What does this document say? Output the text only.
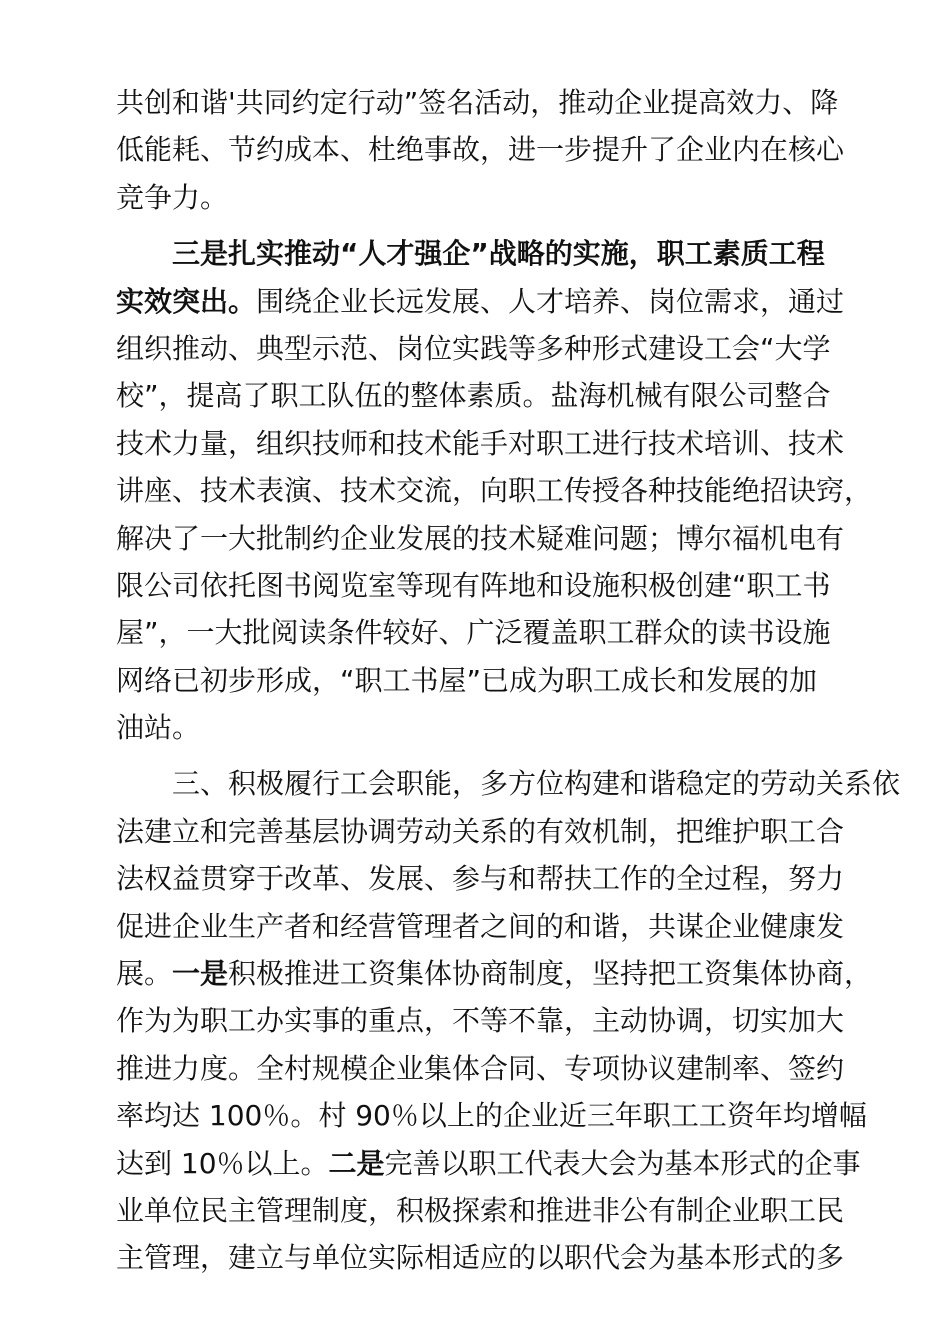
共创和谐'共同约定行动”签名活动，推动企业提高效力、降
低能耗、节约成本、杜绝事故，进一步提升了企业内在核心
竞争力。
三是扎实推动“人才强企”战略的实施，职工素质工程
实效突出。围绕企业长远发展、人才培养、岗位需求，通过
组织推动、典型示范、岗位实践等多种形式建设工会“大学
校”，提高了职工队伍的整体素质。盐海机械有限公司整合
技术力量，组织技师和技术能手对职工进行技术培训、技术
讲座、技术表演、技术交流，向职工传授各种技能绝招诀窍，
解决了一大批制约企业发展的技术疑难问题；博尔福机电有
限公司依托图书阅览室等现有阵地和设施积极创建“职工书
屋”，一大批阅读条件较好、广泛覆盖职工群众的读书设施
网络已初步形成，“职工书屋”已成为职工成长和发展的加
油站。
三、积极履行工会职能，多方位构建和谐稳定的劳动关系依
法建立和完善基层协调劳动关系的有效机制，把维护职工合
法权益贯穿于改革、发展、参与和帮扶工作的全过程，努力
促进企业生产者和经营管理者之间的和谐，共谋企业健康发
展。一是积极推进工资集体协商制度，坚持把工资集体协商，
作为为职工办实事的重点，不等不靠，主动协调，切实加大
推进力度。全村规模企业集体合同、专项协议建制率、签约
率均达 100％。村 90％以上的企业近三年职工工资年均增幅
达到 10％以上。二是完善以职工代表大会为基本形式的企事
业单位民主管理制度，积极探索和推进非公有制企业职工民
主管理，建立与单位实际相适应的以职代会为基本形式的多
